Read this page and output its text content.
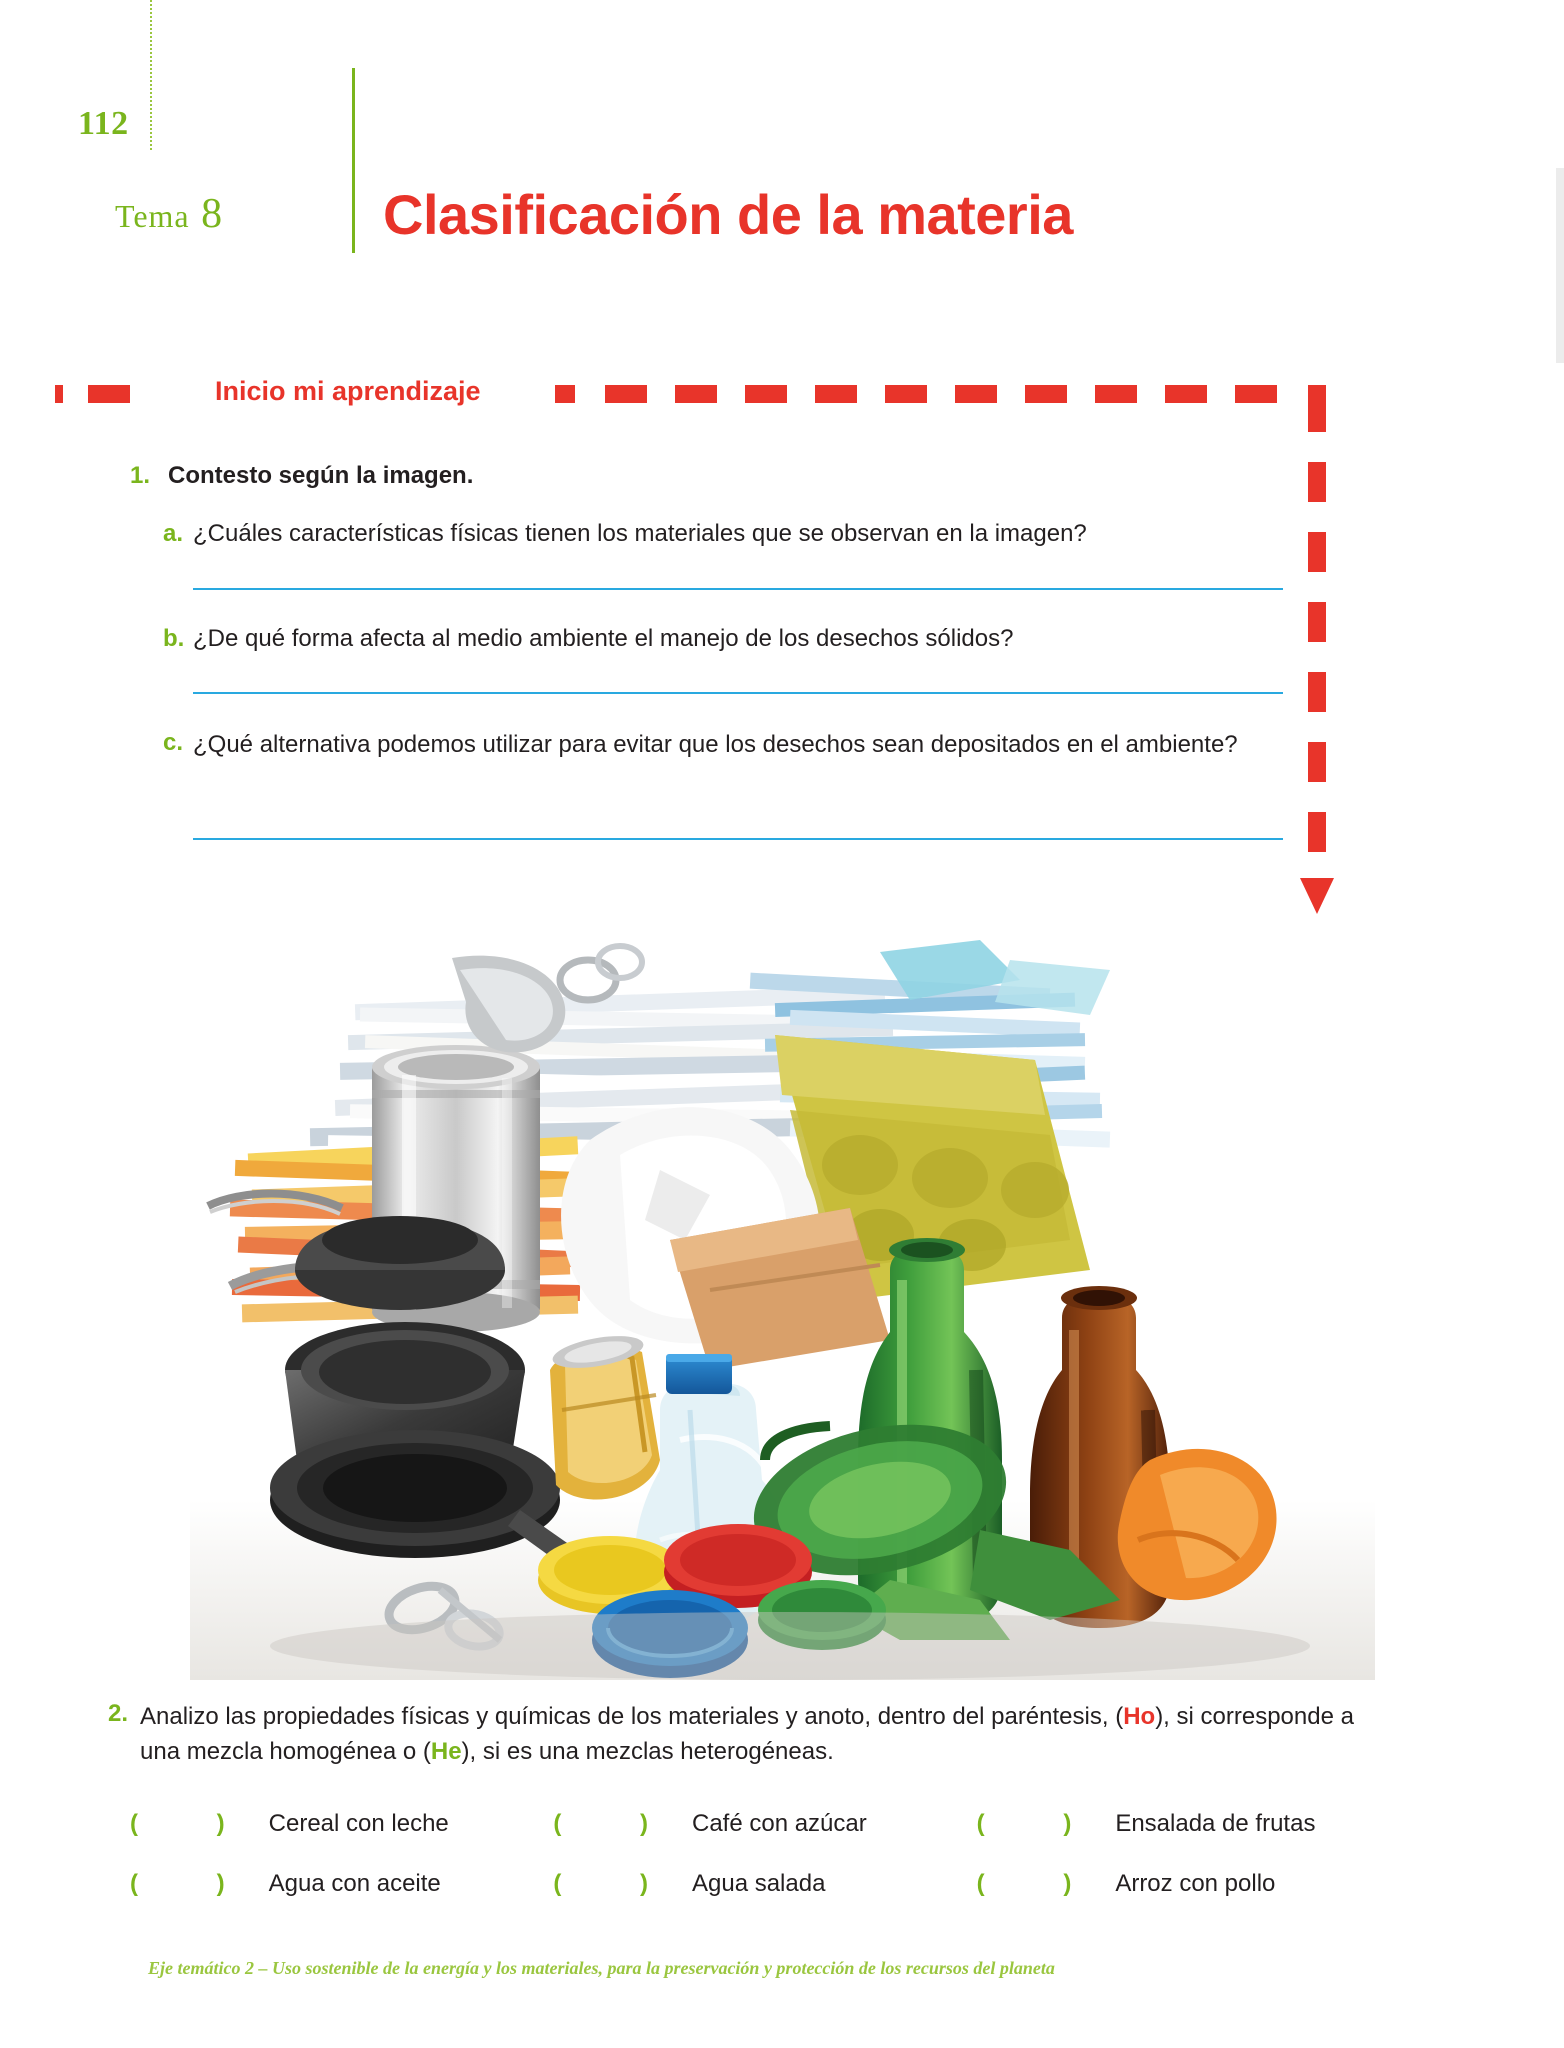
112
Tema 8	Clasificación de la materia
Inicio mi aprendizaje
1. Contesto según la imagen.
a. ¿Cuáles características físicas tienen los materiales que se observan en la imagen?
b. ¿De qué forma afecta al medio ambiente el manejo de los desechos sólidos?
c. ¿Qué alternativa podemos utilizar para evitar que los desechos sean depositados en el ambiente?
2. Analizo las propiedades físicas y químicas de los materiales y anoto, dentro del paréntesis, (Ho), si corresponde a una mezcla homogénea o (He), si es una mezclas heterogéneas.
( ) Cereal con leche	( ) Café con azúcar	( ) Ensalada de frutas
( ) Agua con aceite	( ) Agua salada	( ) Arroz con pollo
Eje temático 2 – Uso sostenible de la energía y los materiales, para la preservación y protección de los recursos del planeta
